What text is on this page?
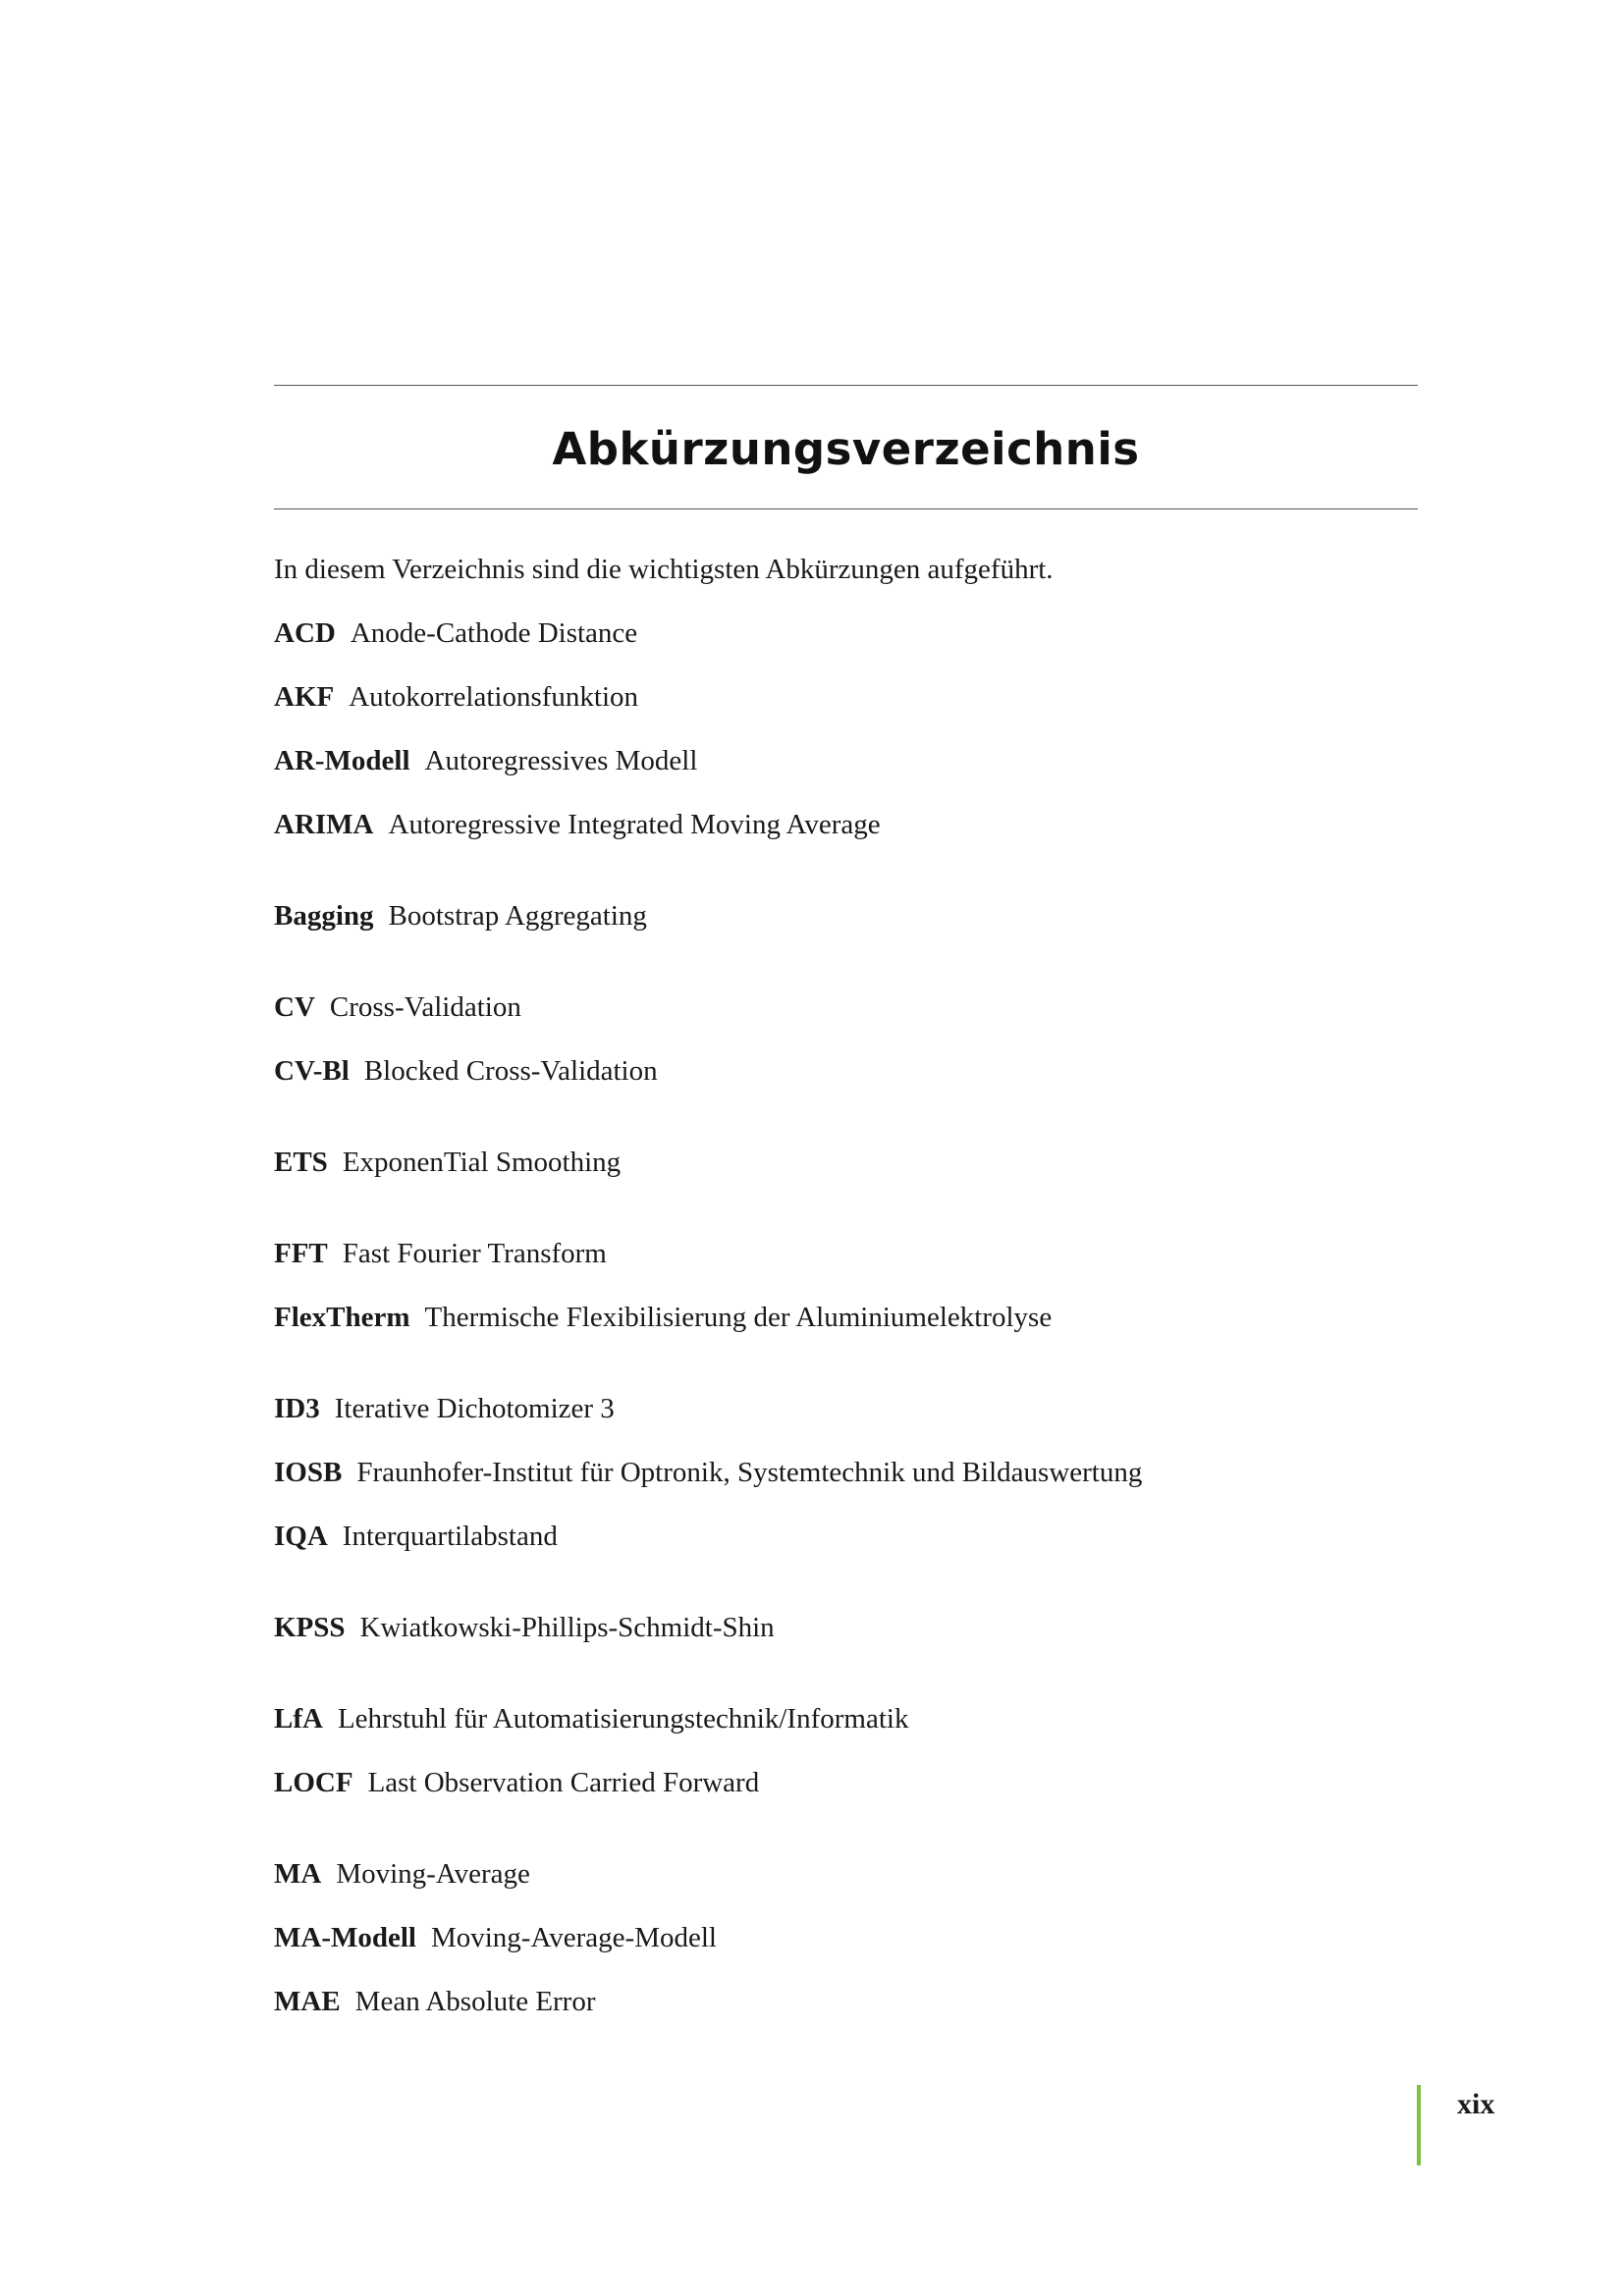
Abkürzungsverzeichnis

In diesem Verzeichnis sind die wichtigsten Abkürzungen aufgeführt.

ACD Anode-Cathode Distance
AKF Autokorrelationsfunktion
AR-Modell Autoregressives Modell
ARIMA Autoregressive Integrated Moving Average
Bagging Bootstrap Aggregating
CV Cross-Validation
CV-Bl Blocked Cross-Validation
ETS ExponenTial Smoothing
FFT Fast Fourier Transform
FlexTherm Thermische Flexibilisierung der Aluminiumelektrolyse
ID3 Iterative Dichotomizer 3
IOSB Fraunhofer-Institut für Optronik, Systemtechnik und Bildauswertung
IQA Interquartilabstand
KPSS Kwiatkowski-Phillips-Schmidt-Shin
LfA Lehrstuhl für Automatisierungstechnik/Informatik
LOCF Last Observation Carried Forward
MA Moving-Average
MA-Modell Moving-Average-Modell
MAE Mean Absolute Error
xix
